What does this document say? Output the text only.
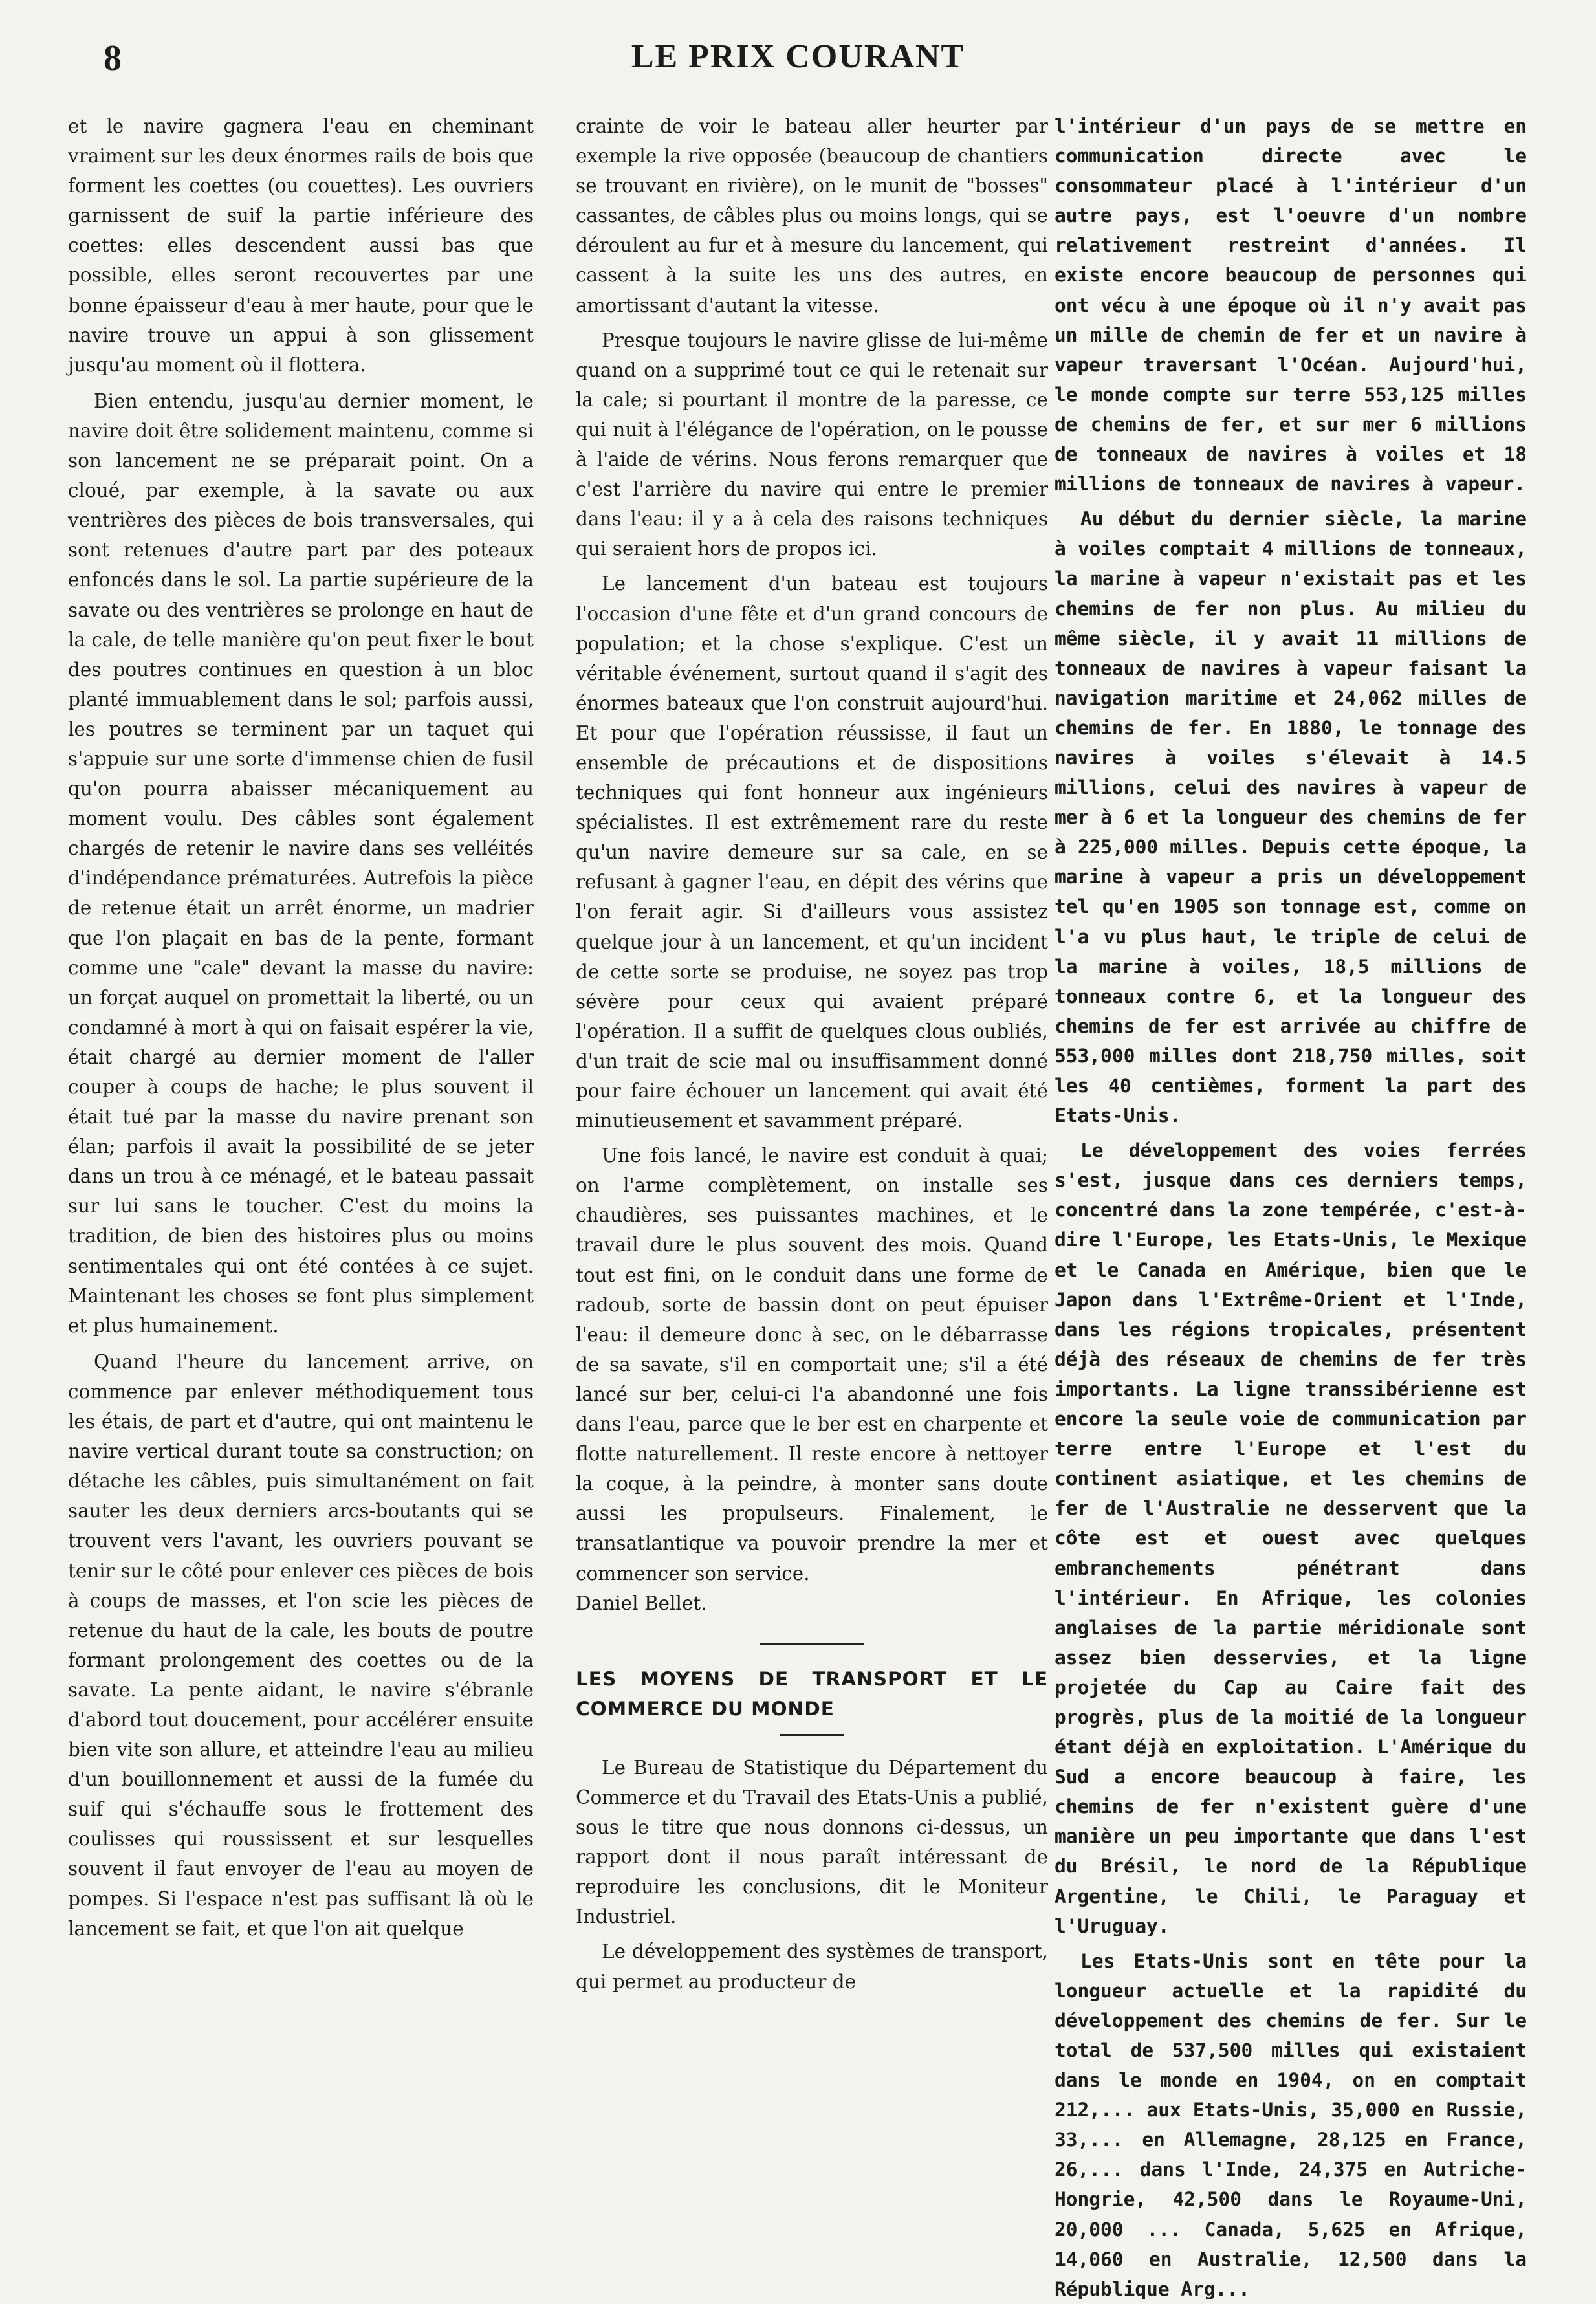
8	LE PRIX COURANT

et le navire gagnera l'eau en cheminant vraiment sur les deux énormes rails de bois que forment les coettes (ou couettes). Les ouvriers garnissent de suif la partie inférieure des coettes: elles descendent aussi bas que possible, elles seront recouvertes par une bonne épaisseur d'eau à mer haute, pour que le navire trouve un appui à son glissement jusqu'au moment où il flottera.

Bien entendu, jusqu'au dernier moment, le navire doit être solidement maintenu, comme si son lancement ne se préparait point. On a cloué, par exemple, à la savate ou aux ventrières des pièces de bois transversales, qui sont retenues d'autre part par des poteaux enfoncés dans le sol. La partie supérieure de la savate ou des ventrières se prolonge en haut de la cale, de telle manière qu'on peut fixer le bout des poutres continues en question à un bloc planté immuablement dans le sol; parfois aussi, les poutres se terminent par un taquet qui s'appuie sur une sorte d'immense chien de fusil qu'on pourra abaisser mécaniquement au moment voulu. Des câbles sont également chargés de retenir le navire dans ses velléités d'indépendance prématurées. Autrefois la pièce de retenue était un arrêt énorme, un madrier que l'on plaçait en bas de la pente, formant comme une "cale" devant la masse du navire: un forçat auquel on promettait la liberté, ou un condamné à mort à qui on faisait espérer la vie, était chargé au dernier moment de l'aller couper à coups de hache; le plus souvent il était tué par la masse du navire prenant son élan; parfois il avait la possibilité de se jeter dans un trou à ce ménagé, et le bateau passait sur lui sans le toucher. C'est du moins la tradition, de bien des histoires plus ou moins sentimentales qui ont été contées à ce sujet. Maintenant les choses se font plus simplement et plus humainement.

Quand l'heure du lancement arrive, on commence par enlever méthodiquement tous les étais, de part et d'autre, qui ont maintenu le navire vertical durant toute sa construction; on détache les câbles, puis simultanément on fait sauter les deux derniers arcs-boutants qui se trouvent vers l'avant, les ouvriers pouvant se tenir sur le côté pour enlever ces pièces de bois à coups de masses, et l'on scie les pièces de retenue du haut de la cale, les bouts de poutre formant prolongement des coettes ou de la savate. La pente aidant, le navire s'ébranle d'abord tout doucement, pour accélérer ensuite bien vite son allure, et atteindre l'eau au milieu d'un bouillonnement et aussi de la fumée du suif qui s'échauffe sous le frottement des coulisses qui roussissent et sur lesquelles souvent il faut envoyer de l'eau au moyen de pompes. Si l'espace n'est pas suffisant là où le lancement se fait, et que l'on ait quelque

crainte de voir le bateau aller heurter par exemple la rive opposée (beaucoup de chantiers se trouvant en rivière), on le munit de "bosses" cassantes, de câbles plus ou moins longs, qui se déroulent au fur et à mesure du lancement, qui cassent à la suite les uns des autres, en amortissant d'autant la vitesse.

Presque toujours le navire glisse de lui-même quand on a supprimé tout ce qui le retenait sur la cale; si pourtant il montre de la paresse, ce qui nuit à l'élégance de l'opération, on le pousse à l'aide de vérins. Nous ferons remarquer que c'est l'arrière du navire qui entre le premier dans l'eau: il y a à cela des raisons techniques qui seraient hors de propos ici.

Le lancement d'un bateau est toujours l'occasion d'une fête et d'un grand concours de population; et la chose s'explique. C'est un véritable événement, surtout quand il s'agit des énormes bateaux que l'on construit aujourd'hui. Et pour que l'opération réussisse, il faut un ensemble de précautions et de dispositions techniques qui font honneur aux ingénieurs spécialistes. Il est extrêmement rare du reste qu'un navire demeure sur sa cale, en se refusant à gagner l'eau, en dépit des vérins que l'on ferait agir. Si d'ailleurs vous assistez quelque jour à un lancement, et qu'un incident de cette sorte se produise, ne soyez pas trop sévère pour ceux qui avaient préparé l'opération. Il a suffit de quelques clous oubliés, d'un trait de scie mal ou insuffisamment donné pour faire échouer un lancement qui avait été minutieusement et savamment préparé.

Une fois lancé, le navire est conduit à quai; on l'arme complètement, on installe ses chaudières, ses puissantes machines, et le travail dure le plus souvent des mois. Quand tout est fini, on le conduit dans une forme de radoub, sorte de bassin dont on peut épuiser l'eau: il demeure donc à sec, on le débarrasse de sa savate, s'il en comportait une; s'il a été lancé sur ber, celui-ci l'a abandonné une fois dans l'eau, parce que le ber est en charpente et flotte naturellement. Il reste encore à nettoyer la coque, à la peindre, à monter sans doute aussi les propulseurs. Finalement, le transatlantique va pouvoir prendre la mer et commencer son service.

Daniel Bellet.

LES MOYENS DE TRANSPORT ET LE COMMERCE DU MONDE

Le Bureau de Statistique du Département du Commerce et du Travail des Etats-Unis a publié, sous le titre que nous donnons ci-dessus, un rapport dont il nous paraît intéressant de reproduire les conclusions, dit le Moniteur Industriel.

Le développement des systèmes de transport, qui permet au producteur de

l'intérieur d'un pays de se mettre en communication directe avec le consommateur placé à l'intérieur d'un autre pays, est l'oeuvre d'un nombre relativement restreint d'années. Il existe encore beaucoup de personnes qui ont vécu à une époque où il n'y avait pas un mille de chemin de fer et un navire à vapeur traversant l'Océan. Aujourd'hui, le monde compte sur terre 553,125 milles de chemins de fer, et sur mer 6 millions de tonneaux de navires à voiles et 18 millions de tonneaux de navires à vapeur.

Au début du dernier siècle, la marine à voiles comptait 4 millions de tonneaux, la marine à vapeur n'existait pas et les chemins de fer non plus. Au milieu du même siècle, il y avait 11 millions de tonneaux de navires à vapeur faisant la navigation maritime et 24,062 milles de chemins de fer. En 1880, le tonnage des navires à voiles s'élevait à 14.5 millions, celui des navires à vapeur de mer à 6 et la longueur des chemins de fer à 225,000 milles. Depuis cette époque, la marine à vapeur a pris un développement tel qu'en 1905 son tonnage est, comme on l'a vu plus haut, le triple de celui de la marine à voiles, 18,5 millions de tonneaux contre 6, et la longueur des chemins de fer est arrivée au chiffre de 553,000 milles dont 218,750 milles, soit les 40 centièmes, forment la part des Etats-Unis.

Le développement des voies ferrées s'est, jusque dans ces derniers temps, concentré dans la zone tempérée, c'est-à-dire l'Europe, les Etats-Unis, le Mexique et le Canada en Amérique, bien que le Japon dans l'Extrême-Orient et l'Inde, dans les régions tropicales, présentent déjà des réseaux de chemins de fer très importants. La ligne transsibérienne est encore la seule voie de communication par terre entre l'Europe et l'est du continent asiatique, et les chemins de fer de l'Australie ne desservent que la côte est et ouest avec quelques embranchements pénétrant dans l'intérieur. En Afrique, les colonies anglaises de la partie méridionale sont assez bien desservies, et la ligne projetée du Cap au Caire fait des progrès, plus de la moitié de la longueur étant déjà en exploitation. L'Amérique du Sud a encore beaucoup à faire, les chemins de fer n'existent guère d'une manière un peu importante que dans l'est du Brésil, le nord de la République Argentine, le Chili, le Paraguay et l'Uruguay.

Les Etats-Unis sont en tête pour la longueur actuelle et la rapidité du développement des chemins de fer. Sur le total de 537,500 milles qui existaient dans le monde en 1904, on en comptait 212,... aux Etats-Unis, 35,000 en Russie, 33,... en Allemagne, 28,125 en France, 26,... dans l'Inde, 24,375 en Autriche-Hongrie, 42,500 dans le Royaume-Uni, 20,000 ... Canada, 5,625 en Afrique, 14,060 en Australie, 12,500 dans la République Arg...
